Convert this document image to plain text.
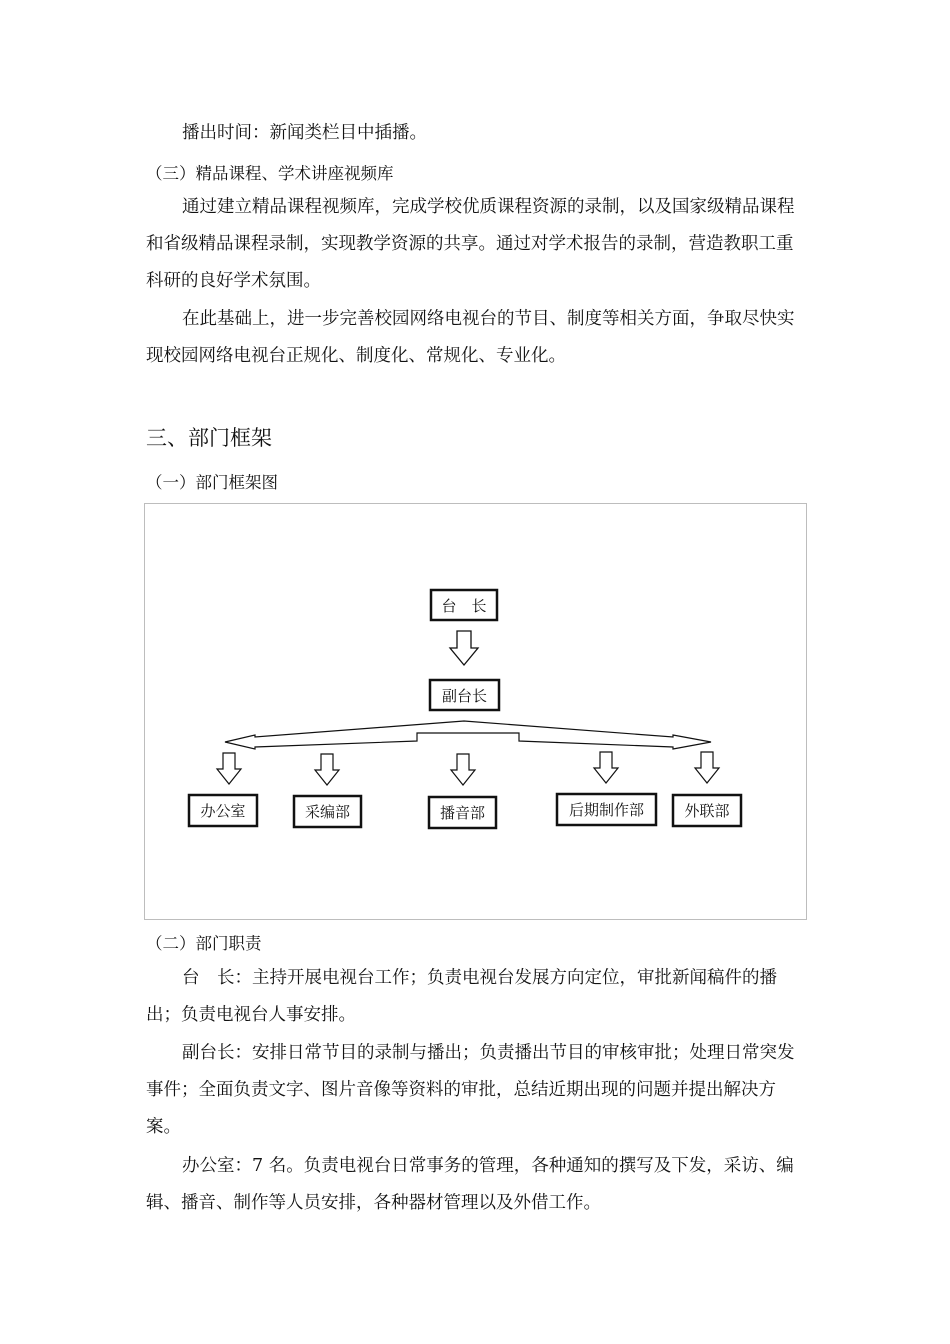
播出时间：新闻类栏目中插播。
（三）精品课程、学术讲座视频库
通过建立精品课程视频库，完成学校优质课程资源的录制，以及国家级精品课程和省级精品课程录制，实现教学资源的共享。通过对学术报告的录制，营造教职工重科研的良好学术氛围。
在此基础上，进一步完善校园网络电视台的节目、制度等相关方面，争取尽快实现校园网络电视台正规化、制度化、常规化、专业化。
三、部门框架
（一）部门框架图
台　长
副台长
办公室	采编部	播音部	后期制作部	外联部
（二）部门职责
台　长：主持开展电视台工作；负责电视台发展方向定位，审批新闻稿件的播出；负责电视台人事安排。
副台长：安排日常节目的录制与播出；负责播出节目的审核审批；处理日常突发事件；全面负责文字、图片音像等资料的审批，总结近期出现的问题并提出解决方案。
办公室：7 名。负责电视台日常事务的管理，各种通知的撰写及下发，采访、编辑、播音、制作等人员安排，各种器材管理以及外借工作。
